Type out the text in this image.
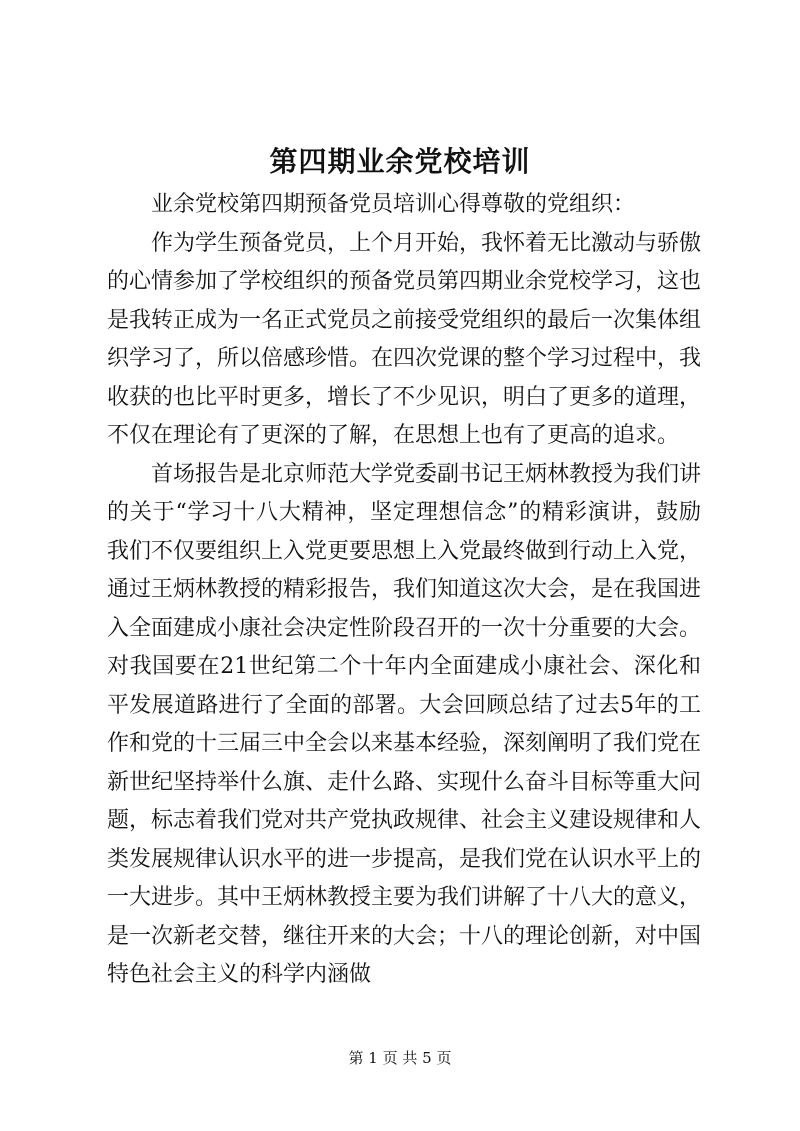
第四期业余党校培训

业余党校第四期预备党员培训心得尊敬的党组织：

作为学生预备党员，上个月开始，我怀着无比激动与骄傲的心情参加了学校组织的预备党员第四期业余党校学习，这也是我转正成为一名正式党员之前接受党组织的最后一次集体组织学习了，所以倍感珍惜。在四次党课的整个学习过程中，我收获的也比平时更多，增长了不少见识，明白了更多的道理，不仅在理论有了更深的了解，在思想上也有了更高的追求。

首场报告是北京师范大学党委副书记王炳林教授为我们讲的关于“学习十八大精神，坚定理想信念”的精彩演讲，鼓励我们不仅要组织上入党更要思想上入党最终做到行动上入党，通过王炳林教授的精彩报告，我们知道这次大会，是在我国进入全面建成小康社会决定性阶段召开的一次十分重要的大会。对我国要在21世纪第二个十年内全面建成小康社会、深化和平发展道路进行了全面的部署。大会回顾总结了过去5年的工作和党的十三届三中全会以来基本经验，深刻阐明了我们党在新世纪坚持举什么旗、走什么路、实现什么奋斗目标等重大问题，标志着我们党对共产党执政规律、社会主义建设规律和人类发展规律认识水平的进一步提高，是我们党在认识水平上的一大进步。其中王炳林教授主要为我们讲解了十八大的意义，是一次新老交替，继往开来的大会；十八的理论创新，对中国特色社会主义的科学内涵做

第 1 页 共 5 页
